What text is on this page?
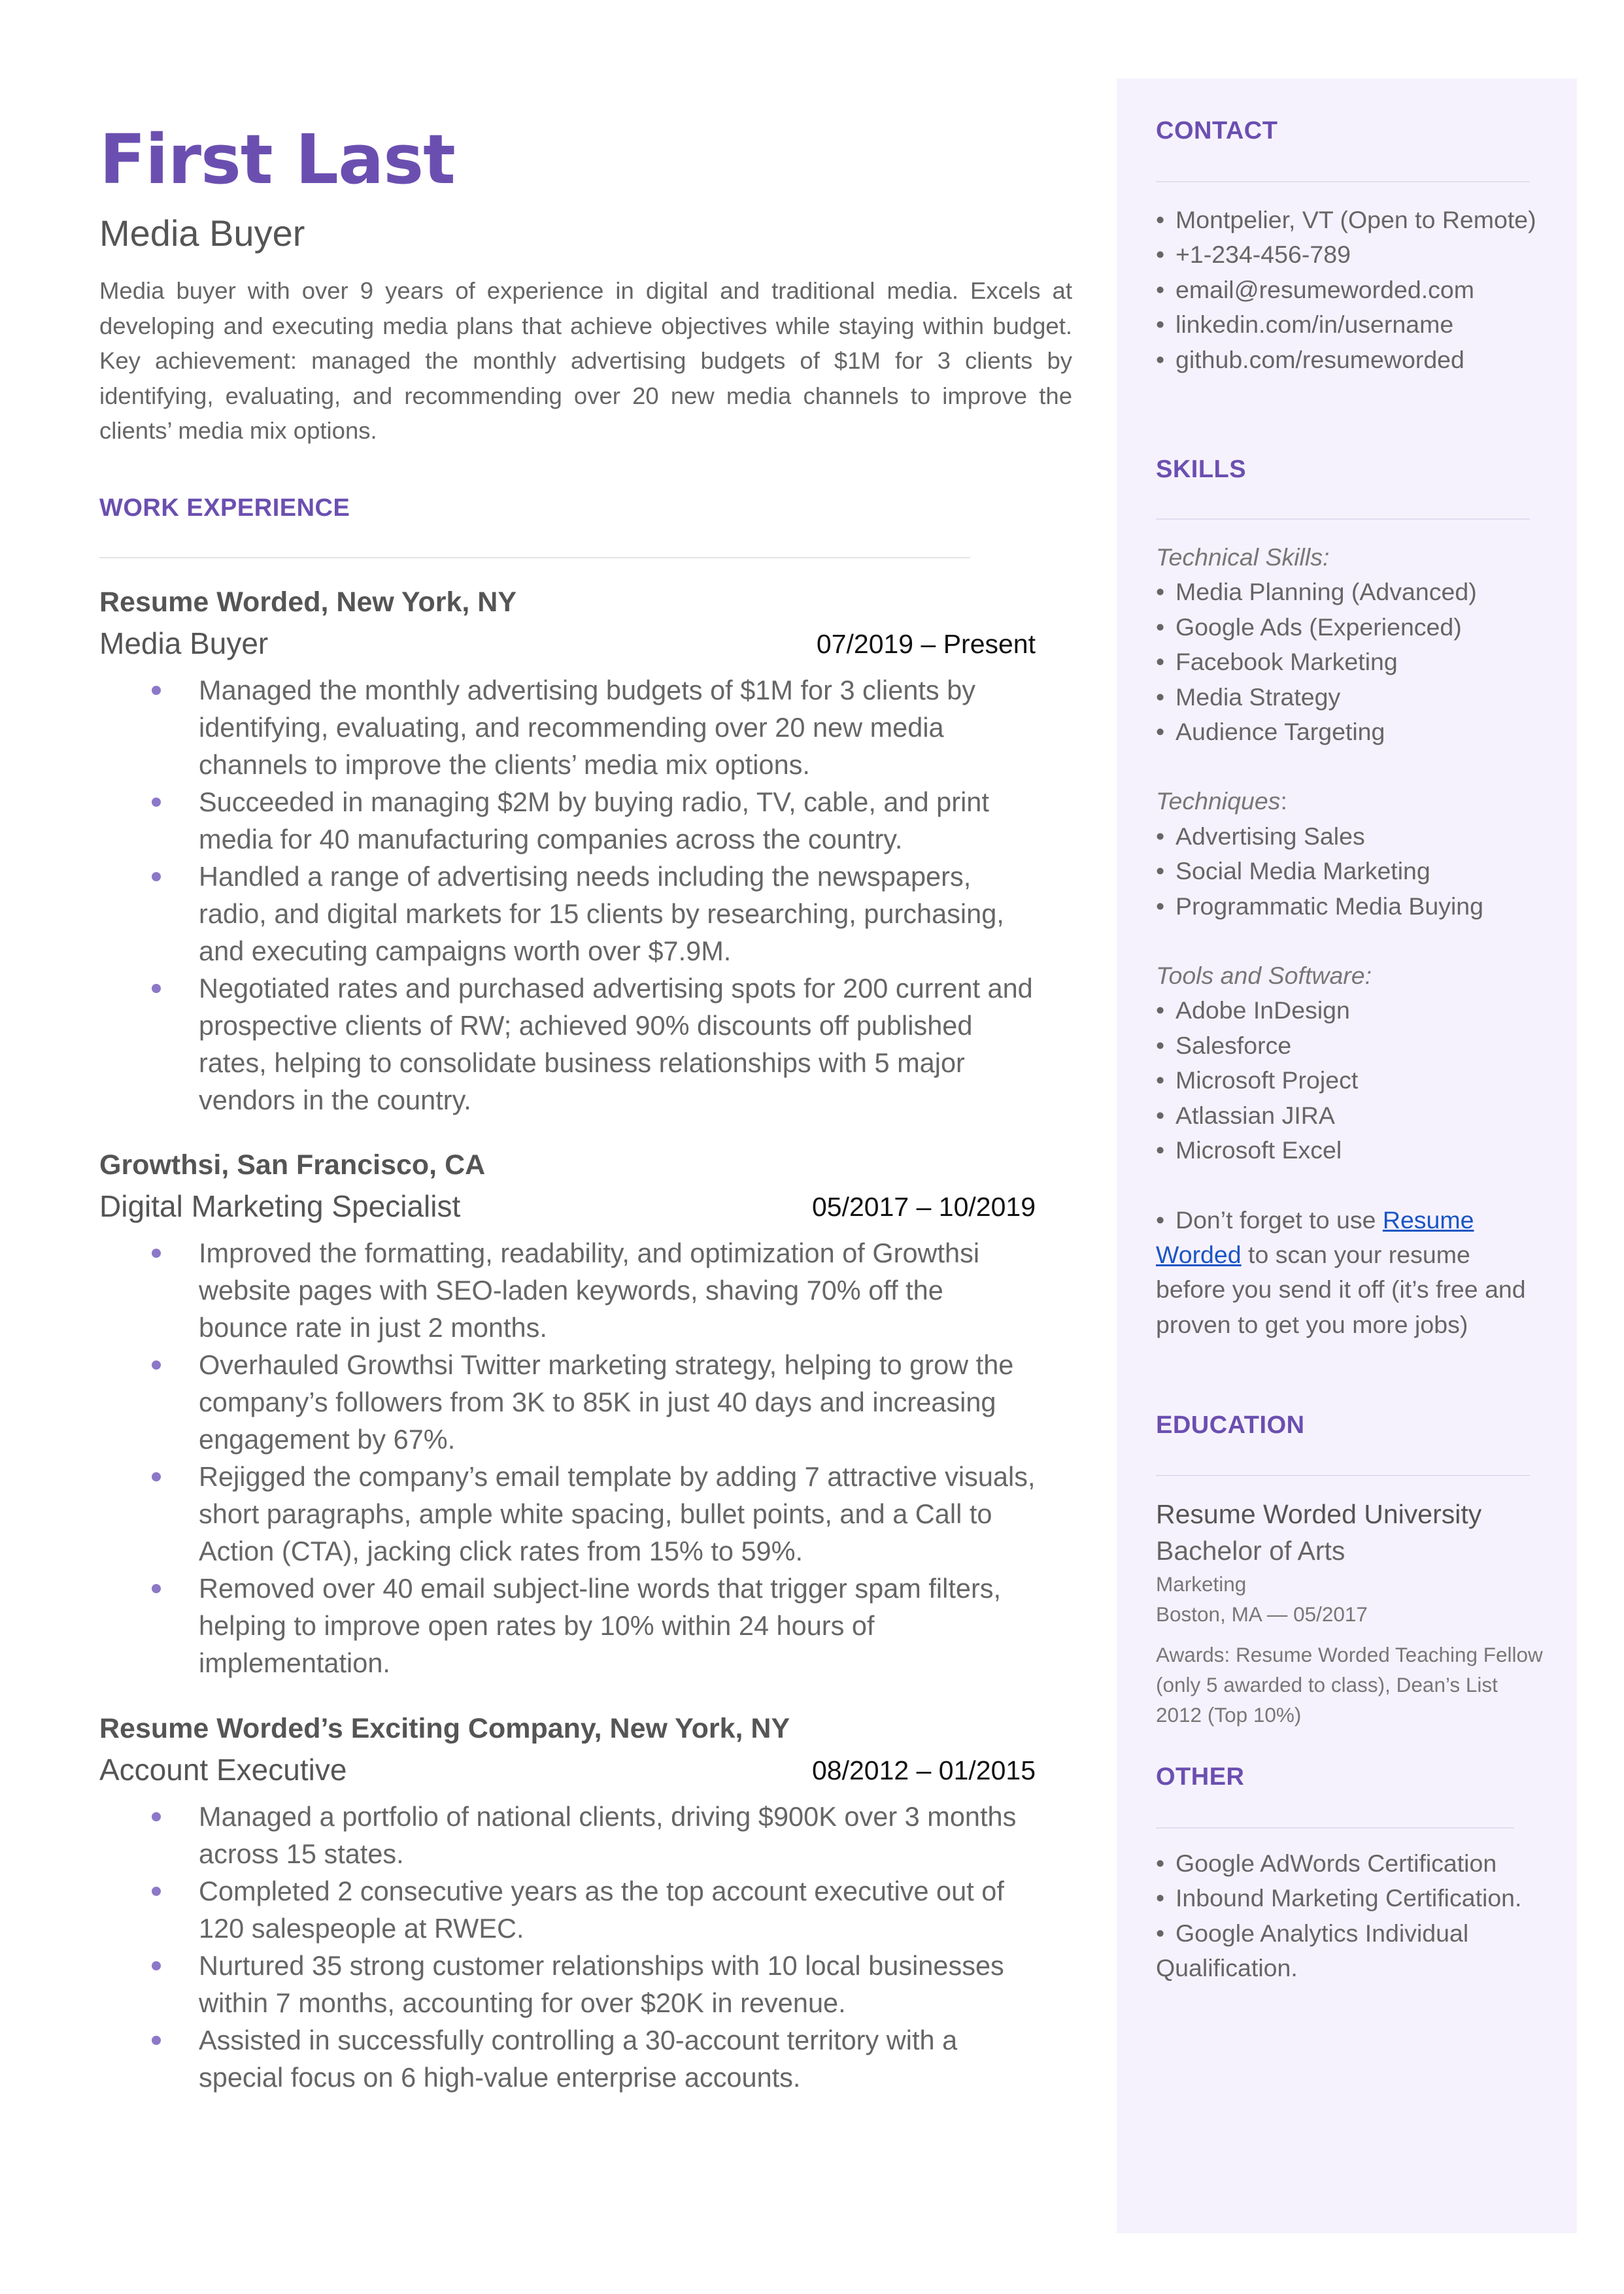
First Last
Media Buyer

Media buyer with over 9 years of experience in digital and traditional media. Excels at developing and executing media plans that achieve objectives while staying within budget. Key achievement: managed the monthly advertising budgets of $1M for 3 clients by identifying, evaluating, and recommending over 20 new media channels to improve the clients’ media mix options.

WORK EXPERIENCE
Resume Worded, New York, NY
Media Buyer	07/2019 – Present
Managed the monthly advertising budgets of $1M for 3 clients by identifying, evaluating, and recommending over 20 new media channels to improve the clients’ media mix options.
Succeeded in managing $2M by buying radio, TV, cable, and print media for 40 manufacturing companies across the country.
Handled a range of advertising needs including the newspapers, radio, and digital markets for 15 clients by researching, purchasing, and executing campaigns worth over $7.9M.
Negotiated rates and purchased advertising spots for 200 current and prospective clients of RW; achieved 90% discounts off published rates, helping to consolidate business relationships with 5 major vendors in the country.
Growthsi, San Francisco, CA
Digital Marketing Specialist	05/2017 – 10/2019
Improved the formatting, readability, and optimization of Growthsi website pages with SEO-laden keywords, shaving 70% off the bounce rate in just 2 months.
Overhauled Growthsi Twitter marketing strategy, helping to grow the company’s followers from 3K to 85K in just 40 days and increasing engagement by 67%.
Rejigged the company’s email template by adding 7 attractive visuals, short paragraphs, ample white spacing, bullet points, and a Call to Action (CTA), jacking click rates from 15% to 59%.
Removed over 40 email subject-line words that trigger spam filters, helping to improve open rates by 10% within 24 hours of implementation.
Resume Worded’s Exciting Company, New York, NY
Account Executive	08/2012 – 01/2015
Managed a portfolio of national clients, driving $900K over 3 months across 15 states.
Completed 2 consecutive years as the top account executive out of 120 salespeople at RWEC.
Nurtured 35 strong customer relationships with 10 local businesses within 7 months, accounting for over $20K in revenue.
Assisted in successfully controlling a 30-account territory with a special focus on 6 high-value enterprise accounts.
CONTACT
• Montpelier, VT (Open to Remote)
• +1-234-456-789
• email@resumeworded.com
• linkedin.com/in/username
• github.com/resumeworded
SKILLS
Technical Skills:
• Media Planning (Advanced)
• Google Ads (Experienced)
• Facebook Marketing
• Media Strategy
• Audience Targeting
Techniques:
• Advertising Sales
• Social Media Marketing
• Programmatic Media Buying
Tools and Software:
• Adobe InDesign
• Salesforce
• Microsoft Project
• Atlassian JIRA
• Microsoft Excel
• Don’t forget to use Resume Worded to scan your resume before you send it off (it’s free and proven to get you more jobs)
EDUCATION
Resume Worded University
Bachelor of Arts
Marketing
Boston, MA — 05/2017
Awards: Resume Worded Teaching Fellow (only 5 awarded to class), Dean’s List 2012 (Top 10%)
OTHER
• Google AdWords Certification
• Inbound Marketing Certification.
• Google Analytics Individual Qualification.
